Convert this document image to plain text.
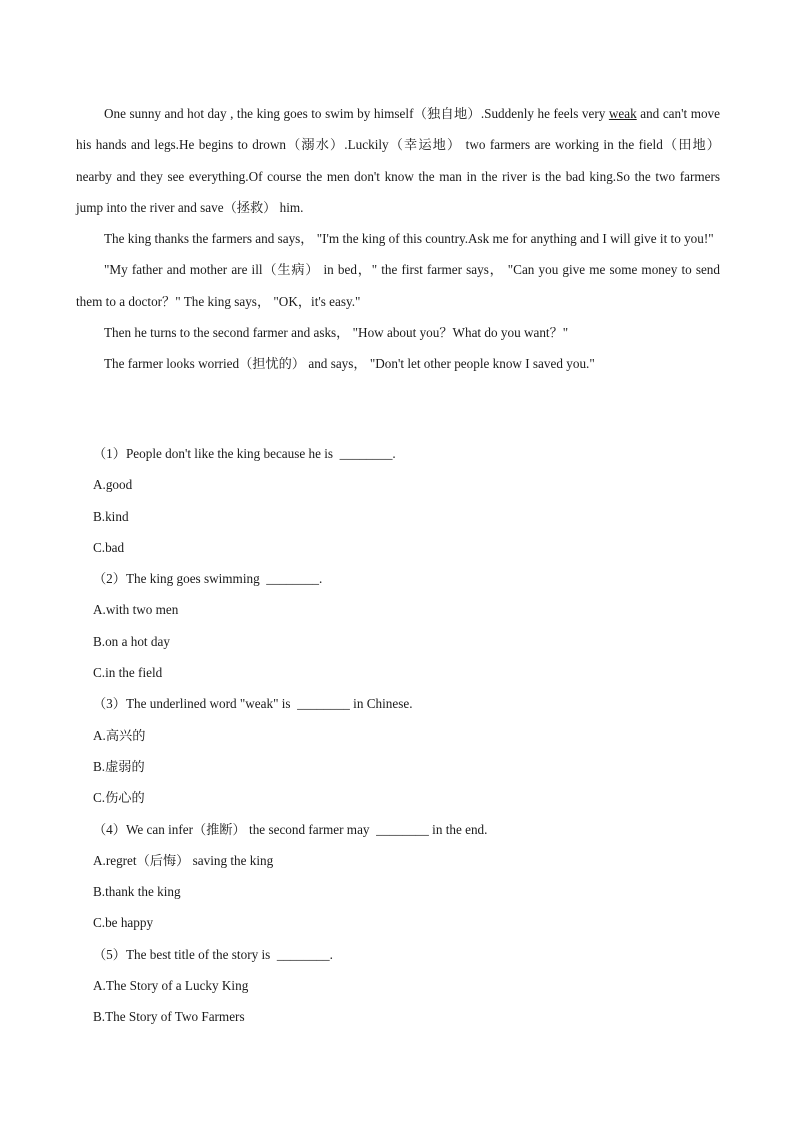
One sunny and hot day , the king goes to swim by himself（独自地）.Suddenly he feels very weak and can't move his hands and legs.He begins to drown（溺水）.Luckily（幸运地） two farmers are working in the field（田地） nearby and they see everything.Of course the men don't know the man in the river is the bad king.So the two farmers jump into the river and save（拯救） him.

The king thanks the farmers and says， "I'm the king of this country.Ask me for anything and I will give it to you!"

"My father and mother are ill（生病） in bed，" the first farmer says， "Can you give me some money to send them to a doctor？" The king says， "OK，it's easy."

Then he turns to the second farmer and asks， "How about you？What do you want？"

The farmer looks worried（担忧的） and says， "Don't let other people know I saved you."

（1）People don't like the king because he is  ________.
A.good
B.kind
C.bad
（2）The king goes swimming  ________.
A.with two men
B.on a hot day
C.in the field
（3）The underlined word "weak" is  ________ in Chinese.
A.高兴的
B.虚弱的
C.伤心的
（4）We can infer（推断） the second farmer may  ________ in the end.
A.regret（后悔） saving the king
B.thank the king
C.be happy
（5）The best title of the story is  ________.
A.The Story of a Lucky King
B.The Story of Two Farmers
